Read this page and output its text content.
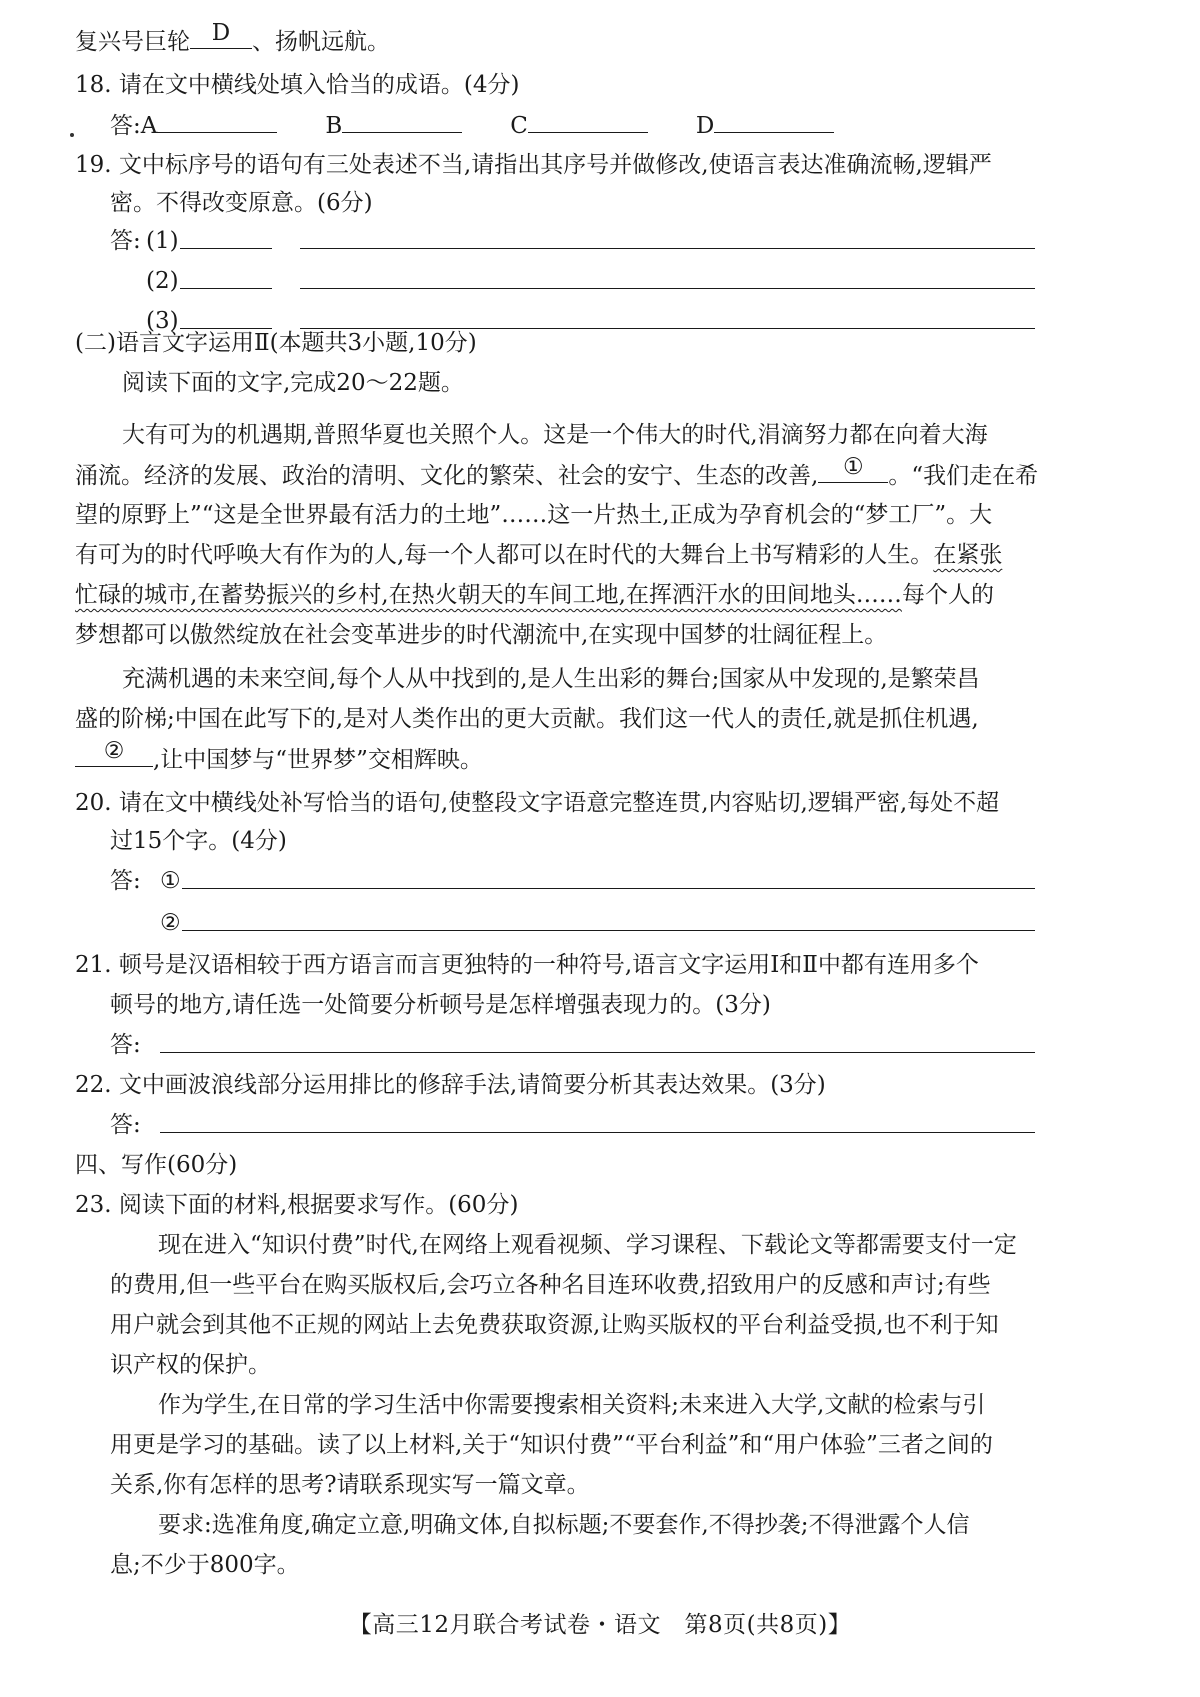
复兴号巨轮 D 、扬帆远航。
18. 请在文中横线处填入恰当的成语。(4分)
答:A	B	C	D
19. 文中标序号的语句有三处表述不当,请指出其序号并做修改,使语言表达准确流畅,逻辑严
密。不得改变原意。(6分)
答: (1)
(2)
(3)
(二)语言文字运用Ⅱ(本题共3小题,10分)
阅读下面的文字,完成20～22题。
大有可为的机遇期,普照华夏也关照个人。这是一个伟大的时代,涓滴努力都在向着大海
涌流。经济的发展、政治的清明、文化的繁荣、社会的安宁、生态的改善,	①	。“我们走在希
望的原野上”“这是全世界最有活力的土地”……这一片热土,正成为孕育机会的“梦工厂”。大
有可为的时代呼唤大有作为的人,每一个人都可以在时代的大舞台上书写精彩的人生。在紧张
忙碌的城市,在蓄势振兴的乡村,在热火朝天的车间工地,在挥洒汗水的田间地头……每个人的
梦想都可以傲然绽放在社会变革进步的时代潮流中,在实现中国梦的壮阔征程上。
充满机遇的未来空间,每个人从中找到的,是人生出彩的舞台;国家从中发现的,是繁荣昌
盛的阶梯;中国在此写下的,是对人类作出的更大贡献。我们这一代人的责任,就是抓住机遇,
②	,让中国梦与“世界梦”交相辉映。
20. 请在文中横线处补写恰当的语句,使整段文字语意完整连贯,内容贴切,逻辑严密,每处不超
过15个字。(4分)
答: ①
②
21. 顿号是汉语相较于西方语言而言更独特的一种符号,语言文字运用Ⅰ和Ⅱ中都有连用多个
顿号的地方,请任选一处简要分析顿号是怎样增强表现力的。(3分)
答:
22. 文中画波浪线部分运用排比的修辞手法,请简要分析其表达效果。(3分)
答:
四、写作(60分)
23. 阅读下面的材料,根据要求写作。(60分)
现在进入“知识付费”时代,在网络上观看视频、学习课程、下载论文等都需要支付一定
的费用,但一些平台在购买版权后,会巧立各种名目连环收费,招致用户的反感和声讨;有些
用户就会到其他不正规的网站上去免费获取资源,让购买版权的平台利益受损,也不利于知
识产权的保护。
作为学生,在日常的学习生活中你需要搜索相关资料;未来进入大学,文献的检索与引
用更是学习的基础。读了以上材料,关于“知识付费”“平台利益”和“用户体验”三者之间的
关系,你有怎样的思考?请联系现实写一篇文章。
要求:选准角度,确定立意,明确文体,自拟标题;不要套作,不得抄袭;不得泄露个人信
息;不少于800字。
【高三12月联合考试卷・语文　第8页(共8页)】
